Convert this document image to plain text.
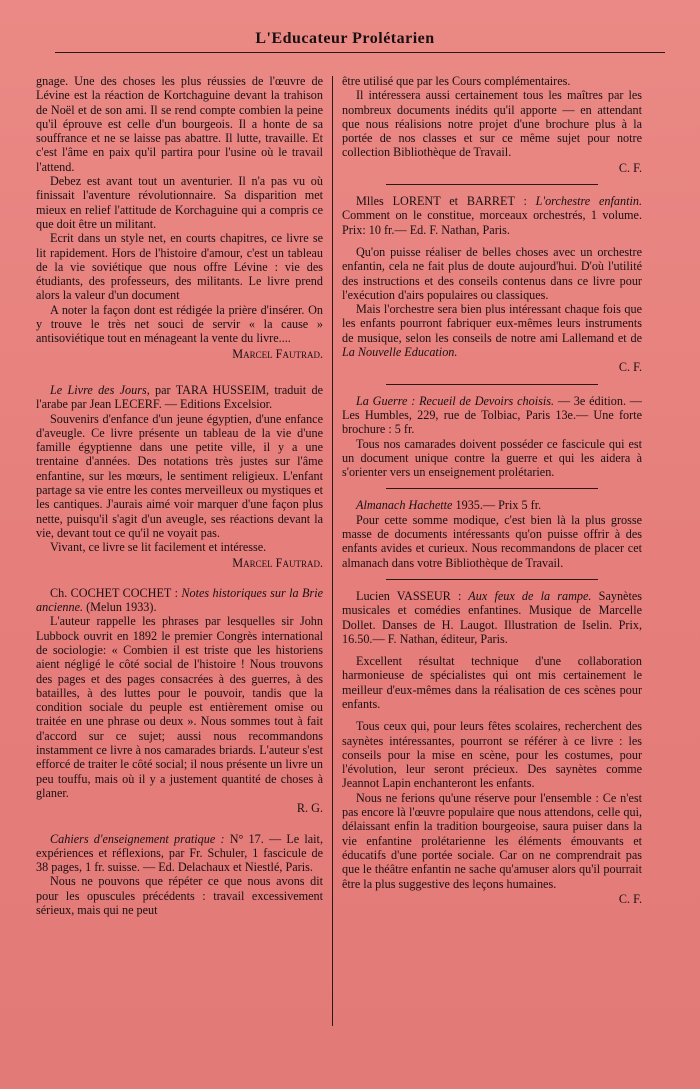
L'Educateur Prolétarien

gnage. Une des choses les plus réussies de l'œuvre de Lévine est la réaction de Kortchaguine devant la trahison de Noël et de son ami. Il se rend compte combien la peine qu'il éprouve est celle d'un bourgeois. Il a honte de sa souffrance et ne se laisse pas abattre. Il lutte, travaille. Et c'est l'âme en paix qu'il partira pour l'usine où le travail l'attend.

Debez est avant tout un aventurier. Il n'a pas vu où finissait l'aventure révolutionnaire. Sa disparition met mieux en relief l'attitude de Korchaguine qui a compris ce que doit être un militant.

Ecrit dans un style net, en courts chapitres, ce livre se lit rapidement. Hors de l'histoire d'amour, c'est un tableau de la vie soviétique que nous offre Lévine : vie des étudiants, des professeurs, des militants. Le livre prend alors la valeur d'un document

A noter la façon dont est rédigée la prière d'insérer. On y trouve le très net souci de servir « la cause » antisoviétique tout en ménageant la vente du livre....

Marcel Fautrad.

Le Livre des Jours, par TARA HUSSEIM, traduit de l'arabe par Jean LECERF. — Editions Excelsior.

Souvenirs d'enfance d'un jeune égyptien, d'une enfance d'aveugle. Ce livre présente un tableau de la vie d'une famille égyptienne dans une petite ville, il y a une trentaine d'années. Des notations très justes sur l'âme enfantine, sur les mœurs, le sentiment religieux. L'enfant partage sa vie entre les contes merveilleux ou mystiques et les cantiques. J'aurais aimé voir marquer d'une façon plus nette, puisqu'il s'agit d'un aveugle, ses réactions devant la vie, devant tout ce qu'il ne voyait pas.

Vivant, ce livre se lit facilement et intéresse.

Marcel Fautrad.

Ch. COCHET COCHET : Notes historiques sur la Brie ancienne. (Melun 1933).

L'auteur rappelle les phrases par lesquelles sir John Lubbock ouvrit en 1892 le premier Congrès international de sociologie: « Combien il est triste que les historiens aient négligé le côté social de l'histoire ! Nous trouvons des pages et des pages consacrées à des guerres, à des batailles, à des luttes pour le pouvoir, tandis que la condition sociale du peuple est entièrement omise ou traitée en une phrase ou deux ». Nous sommes tout à fait d'accord sur ce sujet; aussi nous recommandons instamment ce livre à nos camarades briards. L'auteur s'est efforcé de traiter le côté social; il nous présente un livre un peu touffu, mais où il y a justement quantité de choses à glaner.

R. G.

Cahiers d'enseignement pratique : N° 17. — Le lait, expériences et réflexions, par Fr. Schuler, 1 fascicule de 38 pages, 1 fr. suisse. — Ed. Delachaux et Niestlé, Paris.

Nous ne pouvons que répéter ce que nous avons dit pour les opuscules précédents : travail excessivement sérieux, mais qui ne peut

être utilisé que par les Cours complémentaires.

Il intéressera aussi certainement tous les maîtres par les nombreux documents inédits qu'il apporte — en attendant que nous réalisions notre projet d'une brochure plus à la portée de nos classes et sur ce même sujet pour notre collection Bibliothèque de Travail.

C. F.

Mlles LORENT et BARRET : L'orchestre enfantin. Comment on le constitue, morceaux orchestrés, 1 volume. Prix: 10 fr.— Ed. F. Nathan, Paris.

Qu'on puisse réaliser de belles choses avec un orchestre enfantin, cela ne fait plus de doute aujourd'hui. D'où l'utilité des instructions et des conseils contenus dans ce livre pour l'exécution d'airs populaires ou classiques.

Mais l'orchestre sera bien plus intéressant chaque fois que les enfants pourront fabriquer eux-mêmes leurs instruments de musique, selon les conseils de notre ami Lallemand et de La Nouvelle Education.

C. F.

La Guerre : Recueil de Devoirs choisis. — 3e édition. — Les Humbles, 229, rue de Tolbiac, Paris 13e.— Une forte brochure : 5 fr.

Tous nos camarades doivent posséder ce fascicule qui est un document unique contre la guerre et qui les aidera à s'orienter vers un enseignement prolétarien.

Almanach Hachette 1935.— Prix 5 fr.

Pour cette somme modique, c'est bien là la plus grosse masse de documents intéressants qu'on puisse offrir à des enfants avides et curieux. Nous recommandons de placer cet almanach dans votre Bibliothèque de Travail.

Lucien VASSEUR : Aux feux de la rampe. Saynètes musicales et comédies enfantines. Musique de Marcelle Dollet. Danses de H. Laugot. Illustration de Iselin. Prix, 16.50.— F. Nathan, éditeur, Paris.

Excellent résultat technique d'une collaboration harmonieuse de spécialistes qui ont mis certainement le meilleur d'eux-mêmes dans la réalisation de ces scènes pour enfants.

Tous ceux qui, pour leurs fêtes scolaires, recherchent des saynètes intéressantes, pourront se référer à ce livre : les conseils pour la mise en scène, pour les costumes, pour l'évolution, leur seront précieux. Des saynètes comme Jeannot Lapin enchanteront les enfants.

Nous ne ferions qu'une réserve pour l'ensemble : Ce n'est pas encore là l'œuvre populaire que nous attendons, celle qui, délaissant enfin la tradition bourgeoise, saura puiser dans la vie enfantine prolétarienne les éléments émouvants et éducatifs d'une portée sociale. Car on ne comprendrait pas que le théâtre enfantin ne sache qu'amuser alors qu'il pourrait être la plus suggestive des leçons humaines.

C. F.
